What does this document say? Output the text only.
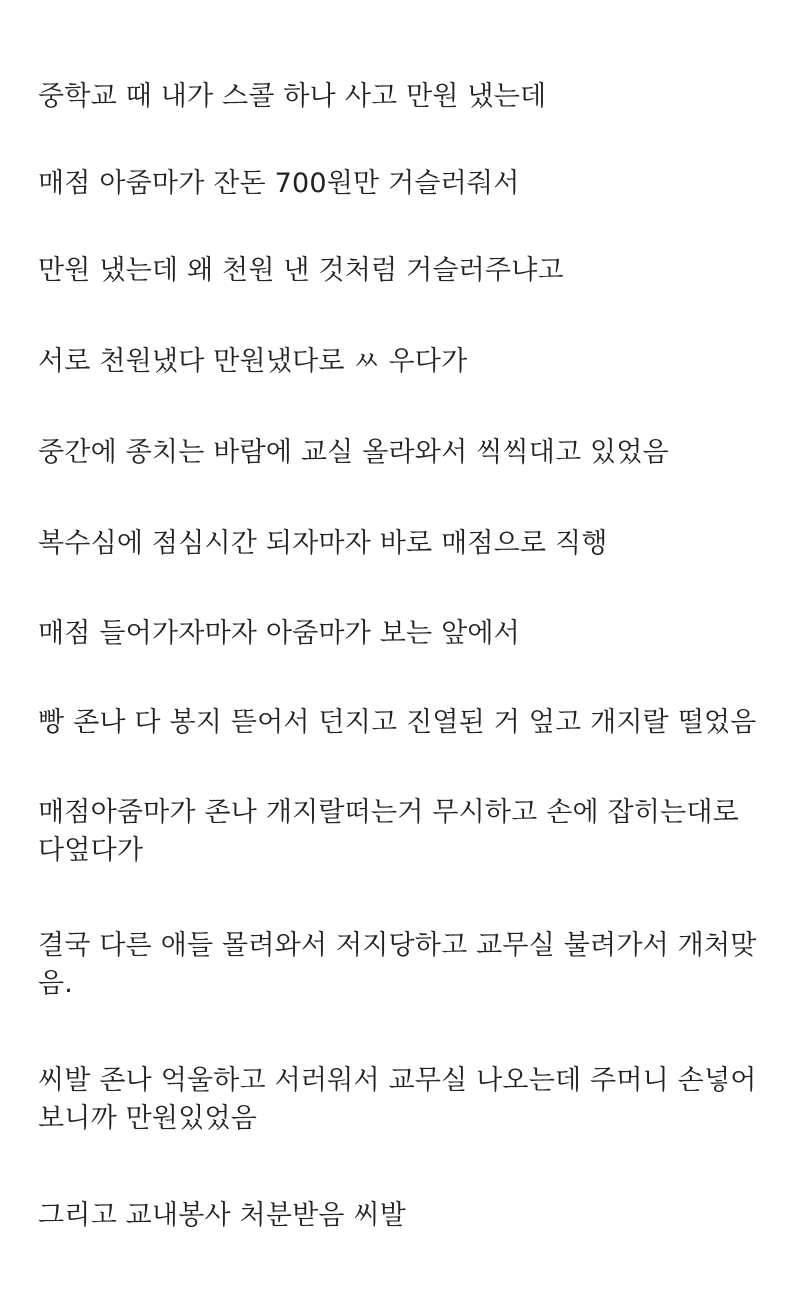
중학교 때 내가 스콜 하나 사고 만원 냈는데

매점 아줌마가 잔돈 700원만 거슬러줘서

만원 냈는데 왜 천원 낸 것처럼 거슬러주냐고

서로 천원냈다 만원냈다로 ㅆ 우다가

중간에 종치는 바람에 교실 올라와서 씩씩대고 있었음

복수심에 점심시간 되자마자 바로 매점으로 직행

매점 들어가자마자 아줌마가 보는 앞에서

빵 존나 다 봉지 뜯어서 던지고 진열된 거 엎고 개지랄 떨었음

매점아줌마가 존나 개지랄떠는거 무시하고 손에 잡히는대로
다엎다가

결국 다른 애들 몰려와서 저지당하고 교무실 불려가서 개처맞
음.

씨발 존나 억울하고 서러워서 교무실 나오는데 주머니 손넣어
보니까 만원있었음

그리고 교내봉사 처분받음 씨발
